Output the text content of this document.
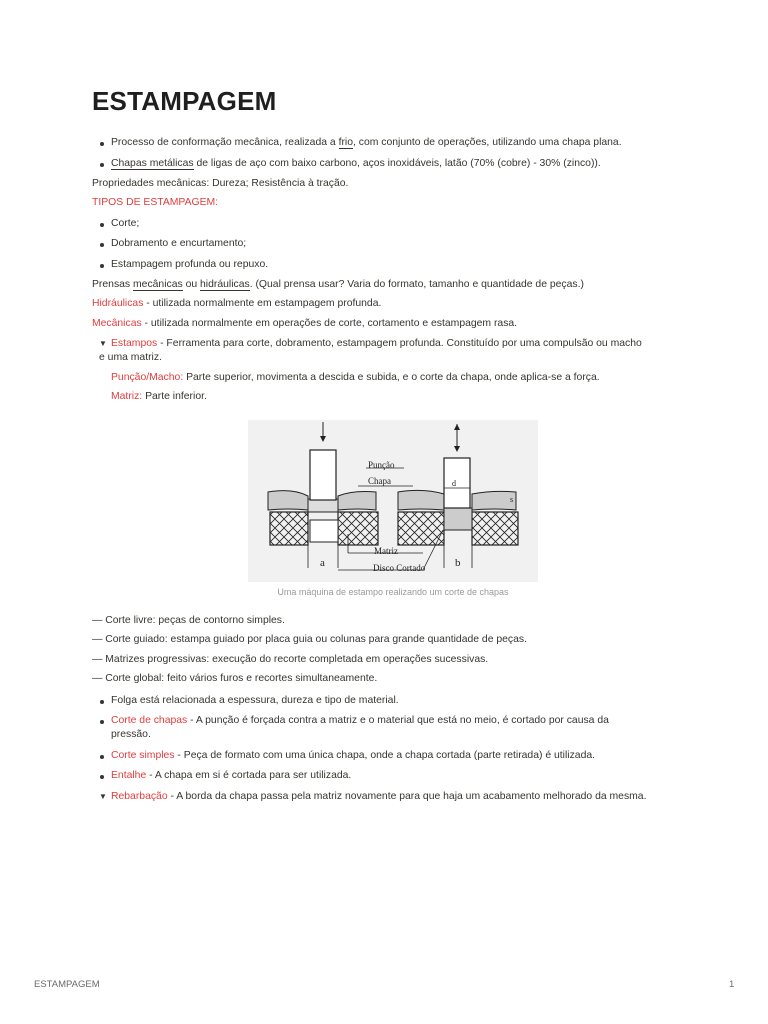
ESTAMPAGEM
Processo de conformação mecânica, realizada a frio, com conjunto de operações, utilizando uma chapa plana.
Chapas metálicas de ligas de aço com baixo carbono, aços inoxidáveis, latão (70% (cobre) - 30% (zinco)).
Propriedades mecânicas: Dureza; Resistência à tração.
TIPOS DE ESTAMPAGEM:
Corte;
Dobramento e encurtamento;
Estampagem profunda ou repuxo.
Prensas mecânicas ou hidráulicas. (Qual prensa usar? Varia do formato, tamanho e quantidade de peças.)
Hidráulicas - utilizada normalmente em estampagem profunda.
Mecânicas - utilizada normalmente em operações de corte, cortamento e estampagem rasa.
▼ Estampos - Ferramenta para corte, dobramento, estampagem profunda. Constituído por uma compulsão ou macho
e uma matriz.
Punção/Macho: Parte superior, movimenta a descida e subida, e o corte da chapa, onde aplica-se a força.
Matriz: Parte inferior.
Punção
Chapa
Matriz
Disco Cortado
a	b
d
s
Uma máquina de estampo realizando um corte de chapas
— Corte livre: peças de contorno simples.
— Corte guiado: estampa guiado por placa guia ou colunas para grande quantidade de peças.
— Matrizes progressivas: execução do recorte completada em operações sucessivas.
— Corte global: feito vários furos e recortes simultaneamente.
Folga está relacionada a espessura, dureza e tipo de material.
Corte de chapas - A punção é forçada contra a matriz e o material que está no meio, é cortado por causa da
pressão.
Corte simples - Peça de formato com uma única chapa, onde a chapa cortada (parte retirada) é utilizada.
Entalhe - A chapa em si é cortada para ser utilizada.
▼ Rebarbação - A borda da chapa passa pela matriz novamente para que haja um acabamento melhorado da mesma.
ESTAMPAGEM	1
